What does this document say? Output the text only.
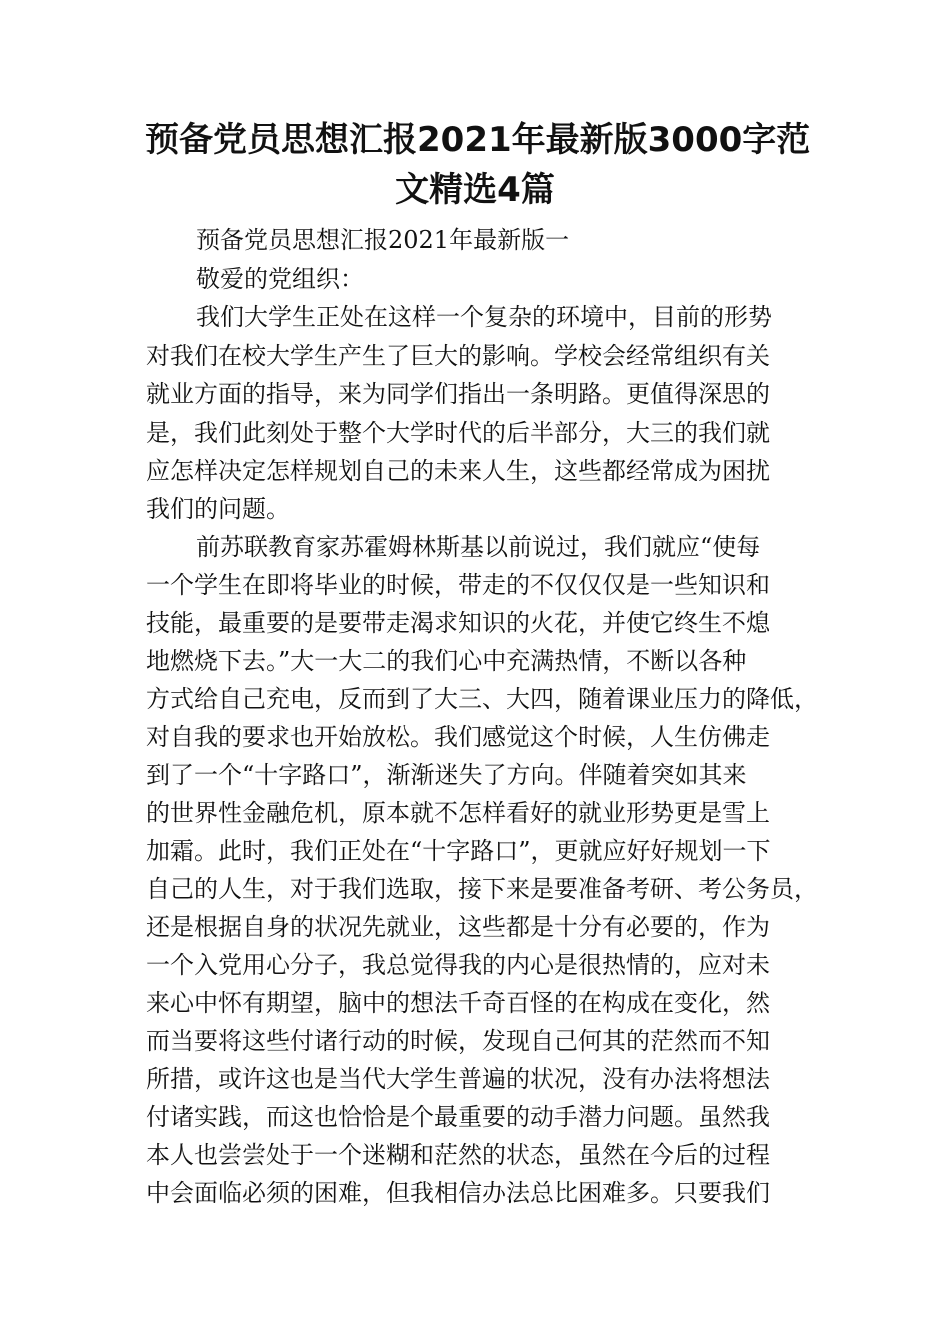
预备党员思想汇报2021年最新版3000字范
文精选4篇
预备党员思想汇报2021年最新版一
敬爱的党组织：
我们大学生正处在这样一个复杂的环境中，目前的形势
对我们在校大学生产生了巨大的影响。学校会经常组织有关
就业方面的指导，来为同学们指出一条明路。更值得深思的
是，我们此刻处于整个大学时代的后半部分，大三的我们就
应怎样决定怎样规划自己的未来人生，这些都经常成为困扰
我们的问题。
前苏联教育家苏霍姆林斯基以前说过，我们就应“使每
一个学生在即将毕业的时候，带走的不仅仅仅是一些知识和
技能，最重要的是要带走渴求知识的火花，并使它终生不熄
地燃烧下去。”大一大二的我们心中充满热情，不断以各种
方式给自己充电，反而到了大三、大四，随着课业压力的降低，
对自我的要求也开始放松。我们感觉这个时候，人生仿佛走
到了一个“十字路口”，渐渐迷失了方向。伴随着突如其来
的世界性金融危机，原本就不怎样看好的就业形势更是雪上
加霜。此时，我们正处在“十字路口”，更就应好好规划一下
自己的人生，对于我们选取，接下来是要准备考研、考公务员，
还是根据自身的状况先就业，这些都是十分有必要的，作为
一个入党用心分子，我总觉得我的内心是很热情的，应对未
来心中怀有期望，脑中的想法千奇百怪的在构成在变化，然
而当要将这些付诸行动的时候，发现自己何其的茫然而不知
所措，或许这也是当代大学生普遍的状况，没有办法将想法
付诸实践，而这也恰恰是个最重要的动手潜力问题。虽然我
本人也尝尝处于一个迷糊和茫然的状态，虽然在今后的过程
中会面临必须的困难，但我相信办法总比困难多。只要我们
